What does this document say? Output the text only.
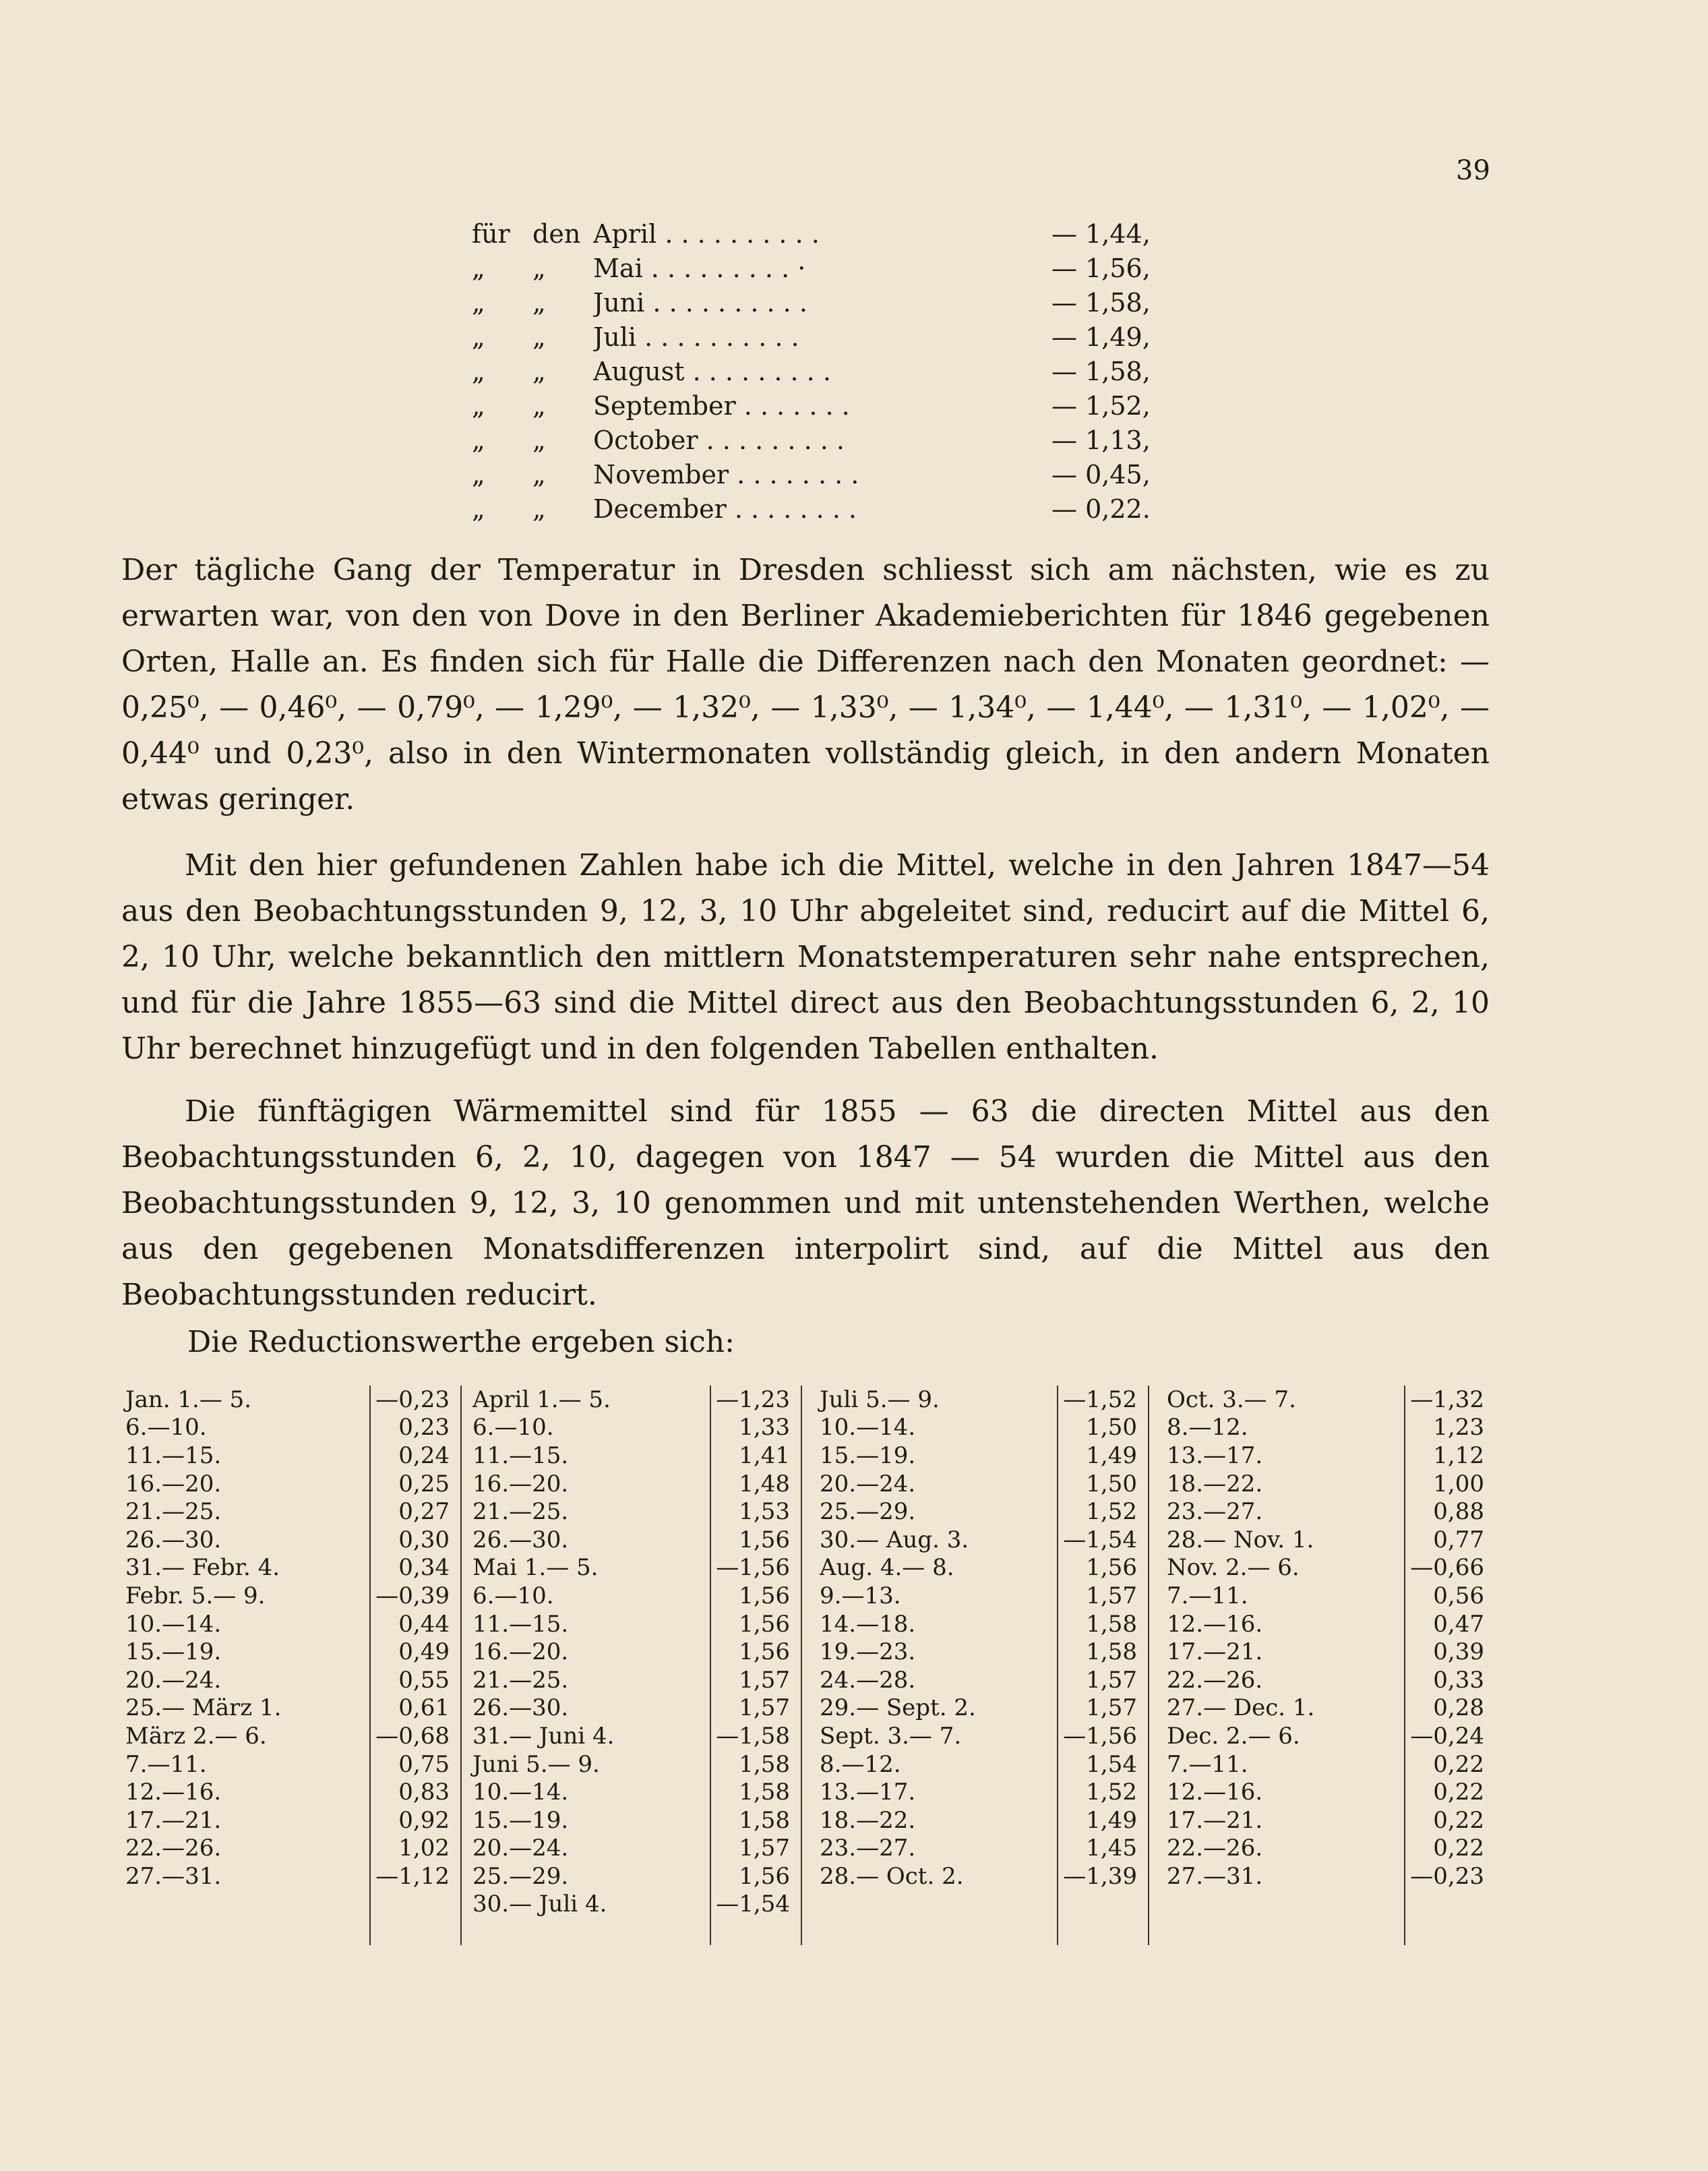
39
für den April . . . . . . . . . .	— 1,44,
„	„	Mai . . . . . . . . . ·	— 1,56,
„	„	Juni . . . . . . . . . .	— 1,58,
„	„	Juli . . . . . . . . . .	— 1,49,
„	„	August . . . . . . . . .	— 1,58,
„	„	September . . . . . . .	— 1,52,
„	„	October . . . . . . . . .	— 1,13,
„	„	November . . . . . . . .	— 0,45,
„	„	December . . . . . . . .	— 0,22.

Der tägliche Gang der Temperatur in Dresden schliesst sich am nächsten, wie es zu erwarten war, von den von Dove in den Berliner Akademieberichten für 1846 gegebenen Orten, Halle an. Es finden sich für Halle die Differenzen nach den Monaten geordnet: —0,25⁰, — 0,46⁰, — 0,79⁰, — 1,29⁰, — 1,32⁰, — 1,33⁰, — 1,34⁰, — 1,44⁰, — 1,31⁰, — 1,02⁰, — 0,44⁰ und 0,23⁰, also in den Wintermonaten vollständig gleich, in den andern Monaten etwas geringer.

Mit den hier gefundenen Zahlen habe ich die Mittel, welche in den Jahren 1847—54 aus den Beobachtungsstunden 9, 12, 3, 10 Uhr abgeleitet sind, reducirt auf die Mittel 6, 2, 10 Uhr, welche bekanntlich den mittlern Monatstemperaturen sehr nahe entsprechen, und für die Jahre 1855—63 sind die Mittel direct aus den Beobachtungsstunden 6, 2, 10 Uhr berechnet hinzugefügt und in den folgenden Tabellen enthalten.

Die fünftägigen Wärmemittel sind für 1855 — 63 die directen Mittel aus den Beobachtungsstunden 6, 2, 10, dagegen von 1847 — 54 wurden die Mittel aus den Beobachtungsstunden 9, 12, 3, 10 genommen und mit untenstehenden Werthen, welche aus den gegebenen Monatsdifferenzen interpolirt sind, auf die Mittel aus den Beobachtungsstunden reducirt.

Die Reductionswerthe ergeben sich:

Jan. 1.— 5.	—0,23
6.—10.	0,23
11.—15.	0,24
16.—20.	0,25
21.—25.	0,27
26.—30.	0,30
31.— Febr. 4.	0,34
Febr. 5.— 9.	—0,39
10.—14.	0,44
15.—19.	0,49
20.—24.	0,55
25.— März 1.	0,61
März 2.— 6.	—0,68
7.—11.	0,75
12.—16.	0,83
17.—21.	0,92
22.—26.	1,02
27.—31.	—1,12
April 1.— 5.	—1,23
6.—10.	1,33
11.—15.	1,41
16.—20.	1,48
21.—25.	1,53
26.—30.	1,56
Mai 1.— 5.	—1,56
6.—10.	1,56
11.—15.	1,56
16.—20.	1,56
21.—25.	1,57
26.—30.	1,57
31.— Juni 4.	—1,58
Juni 5.— 9.	1,58
10.—14.	1,58
15.—19.	1,58
20.—24.	1,57
25.—29.	1,56
30.— Juli 4.	—1,54
Juli 5.— 9.	—1,52
10.—14.	1,50
15.—19.	1,49
20.—24.	1,50
25.—29.	1,52
30.— Aug. 3.	—1,54
Aug. 4.— 8.	1,56
9.—13.	1,57
14.—18.	1,58
19.—23.	1,58
24.—28.	1,57
29.— Sept. 2.	1,57
Sept. 3.— 7.	—1,56
8.—12.	1,54
13.—17.	1,52
18.—22.	1,49
23.—27.	1,45
28.— Oct. 2.	—1,39
Oct. 3.— 7.	—1,32
8.—12.	1,23
13.—17.	1,12
18.—22.	1,00
23.—27.	0,88
28.— Nov. 1.	0,77
Nov. 2.— 6.	—0,66
7.—11.	0,56
12.—16.	0,47
17.—21.	0,39
22.—26.	0,33
27.— Dec. 1.	0,28
Dec. 2.— 6.	—0,24
7.—11.	0,22
12.—16.	0,22
17.—21.	0,22
22.—26.	0,22
27.—31.	—0,23
